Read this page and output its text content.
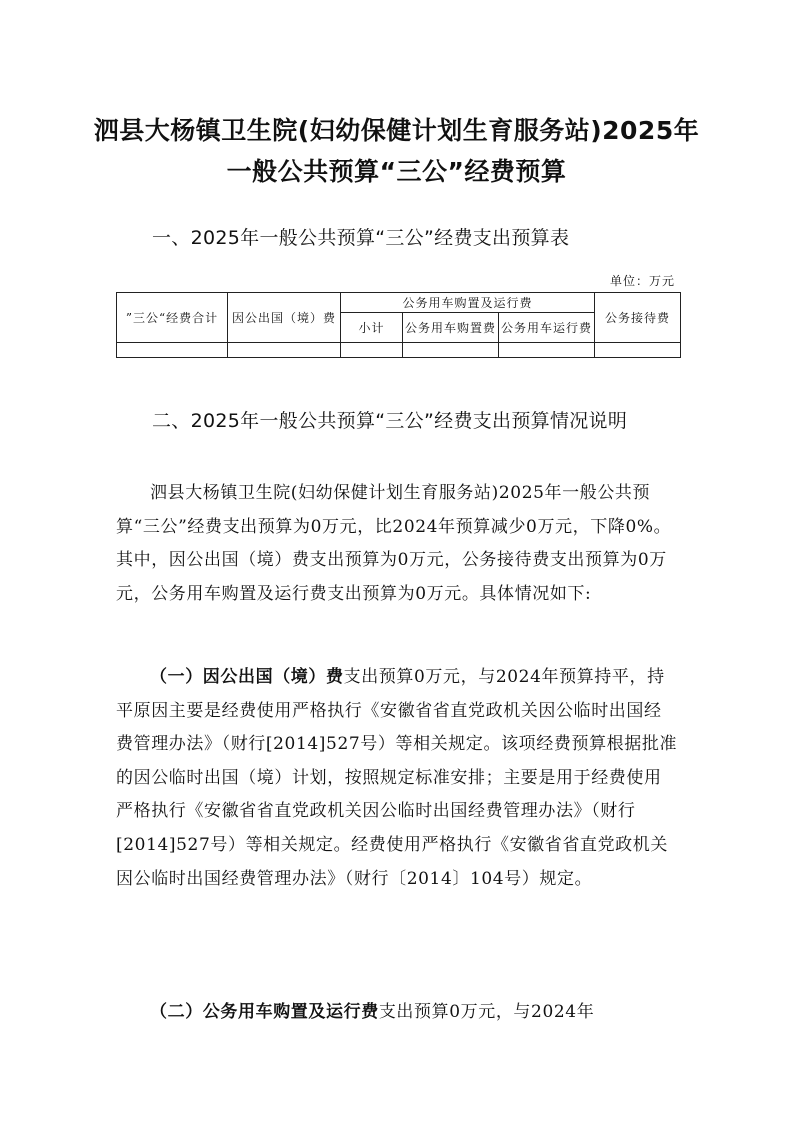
泗县大杨镇卫生院(妇幼保健计划生育服务站)2025年
一般公共预算“三公”经费预算
一、2025年一般公共预算“三公”经费支出预算表
单位：万元
”三公“经费合计	因公出国（境）费	公务用车购置及运行费			公务接待费
		小计	公务用车购置费	公务用车运行费	

二、2025年一般公共预算“三公”经费支出预算情况说明
泗县大杨镇卫生院(妇幼保健计划生育服务站)2025年一般公共预算“三公”经费支出预算为0万元，比2024年预算减少0万元，下降0%。其中，因公出国（境）费支出预算为0万元，公务接待费支出预算为0万元，公务用车购置及运行费支出预算为0万元。具体情况如下:
（一）因公出国（境）费支出预算0万元，与2024年预算持平，持平原因主要是经费使用严格执行《安徽省省直党政机关因公临时出国经费管理办法》（财行[2014]527号）等相关规定。该项经费预算根据批准的因公临时出国（境）计划，按照规定标准安排；主要是用于经费使用严格执行《安徽省省直党政机关因公临时出国经费管理办法》（财行[2014]527号）等相关规定。经费使用严格执行《安徽省省直党政机关因公临时出国经费管理办法》（财行〔2014〕104号）规定。
（二）公务用车购置及运行费支出预算0万元，与2024年
